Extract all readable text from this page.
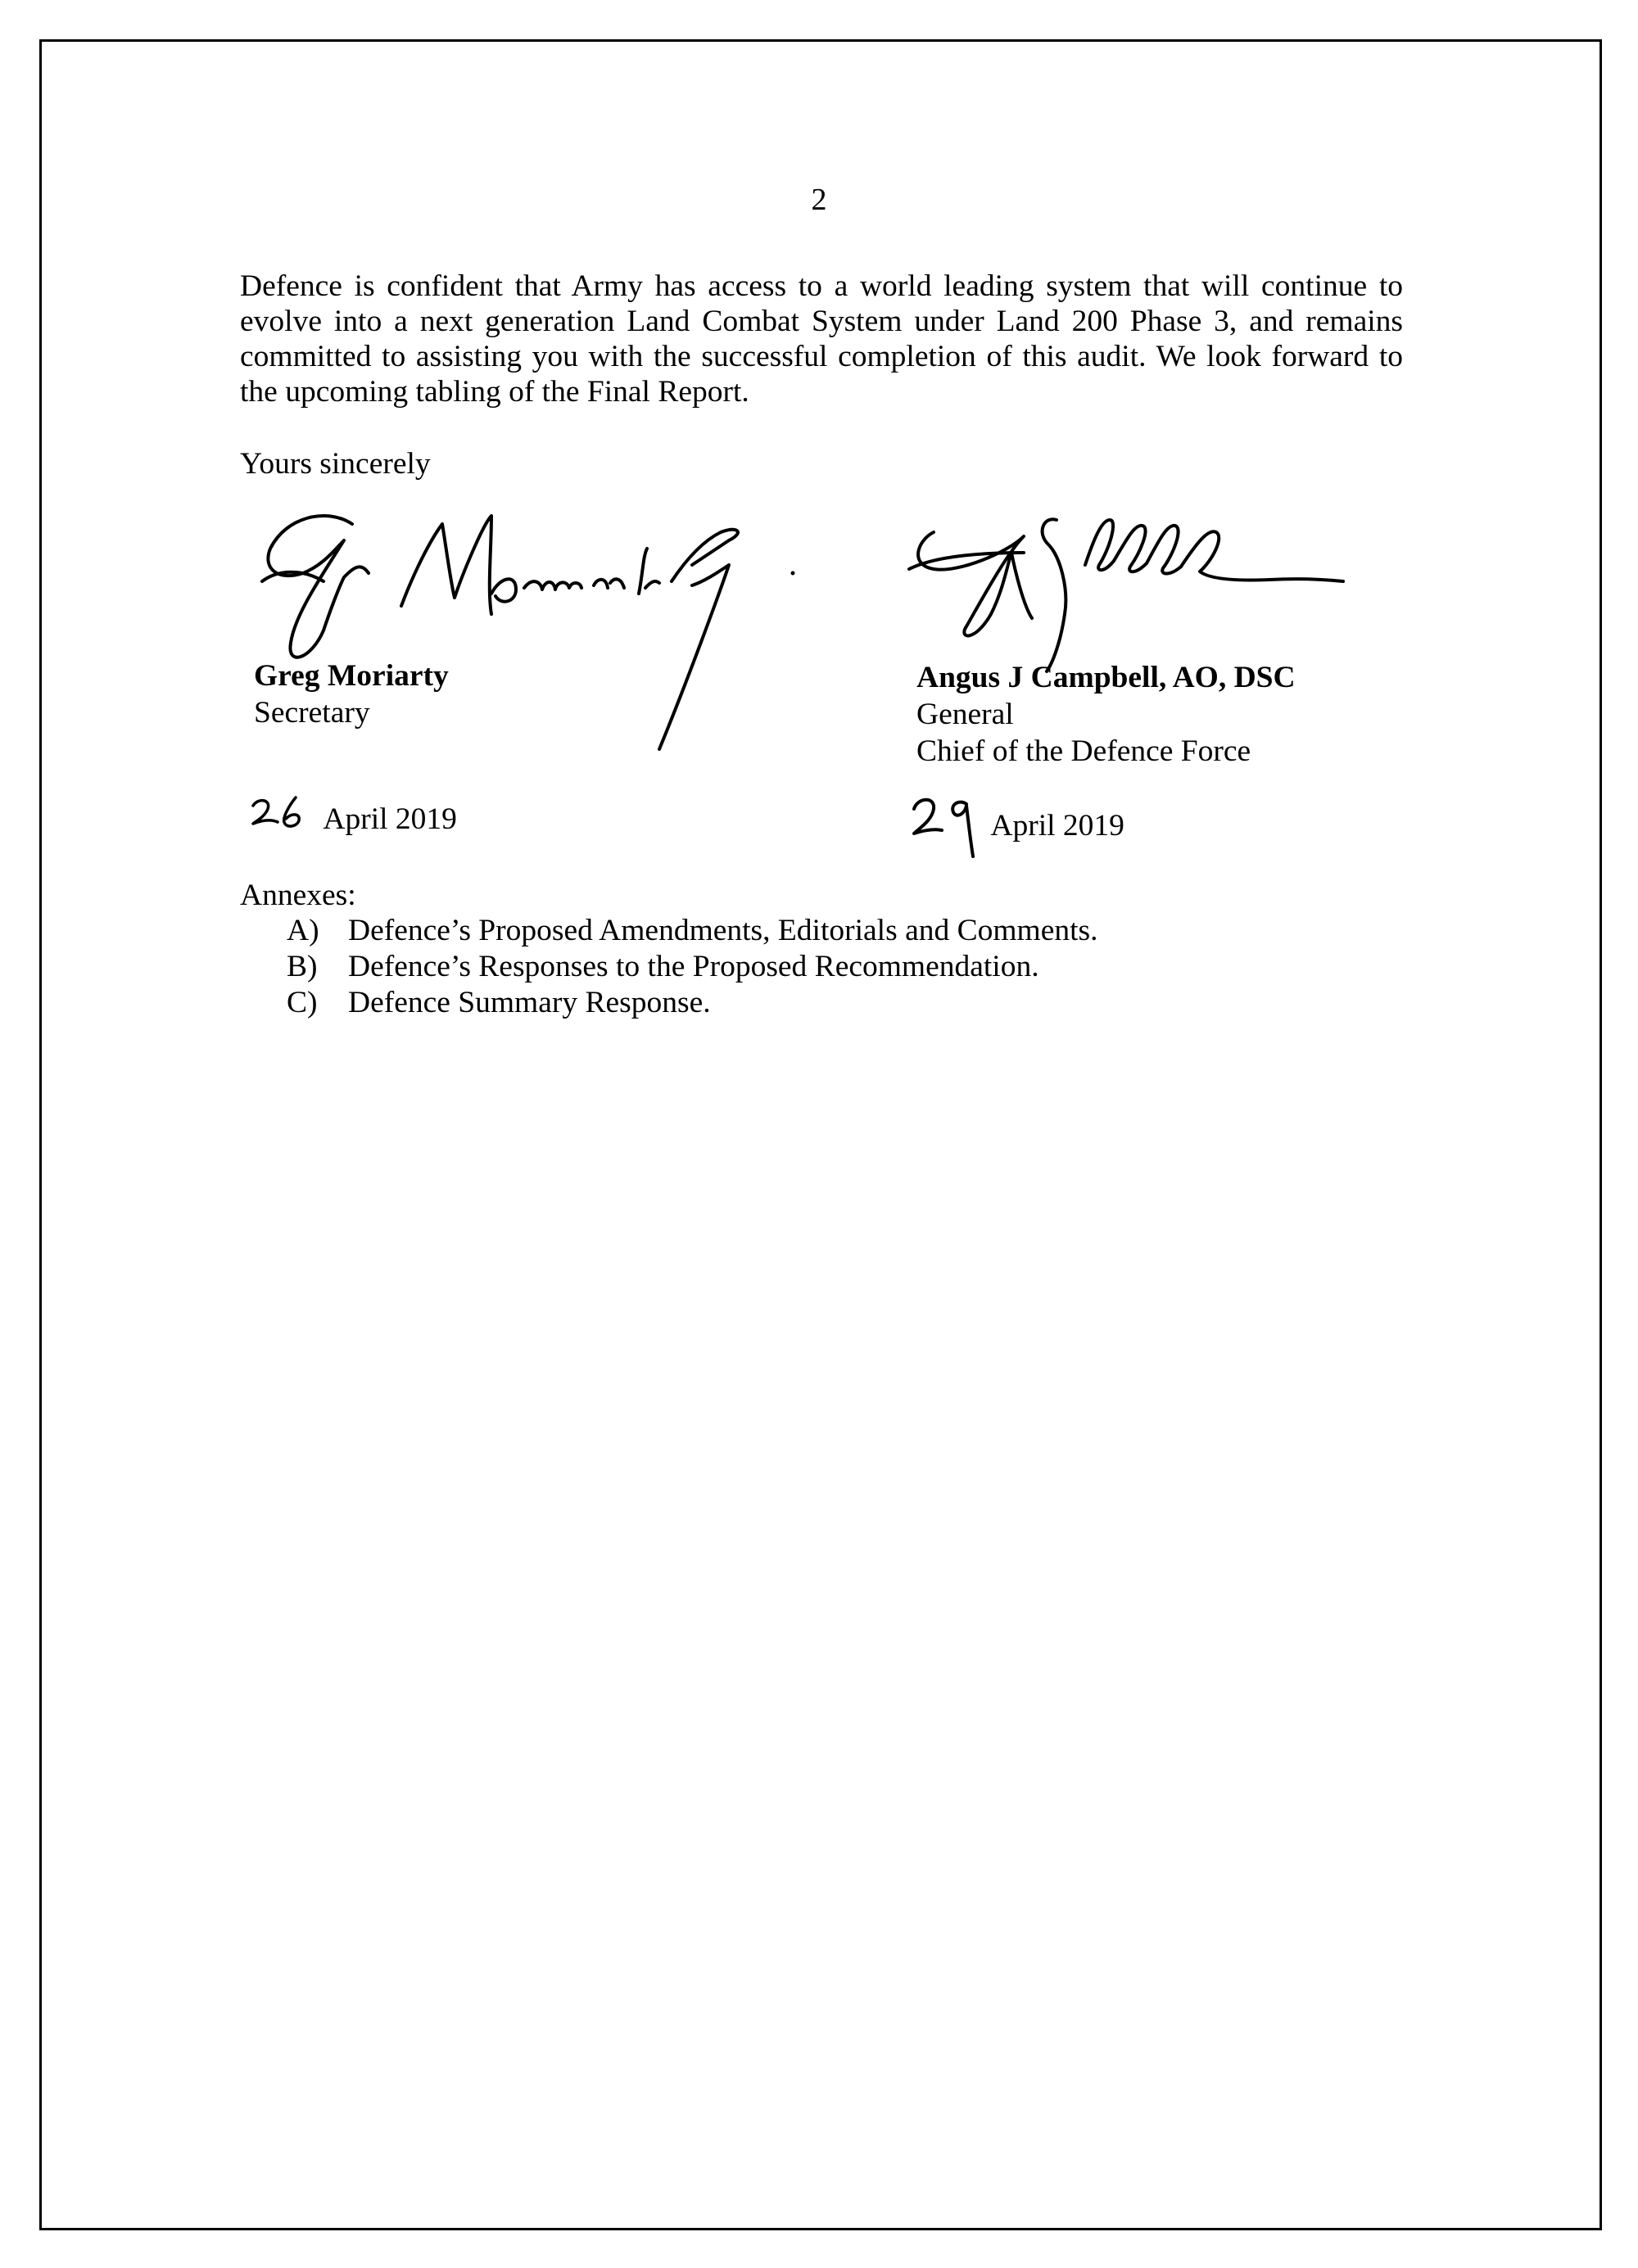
2
Defence is confident that Army has access to a world leading system that will continue to evolve into a next generation Land Combat System under Land 200 Phase 3, and remains committed to assisting you with the successful completion of this audit. We look forward to the upcoming tabling of the Final Report.
Yours sincerely
Greg Moriarty
Secretary
Angus J Campbell, AO, DSC
General
Chief of the Defence Force
April 2019	April 2019
Annexes:
A) Defence’s Proposed Amendments, Editorials and Comments.
B)	Defence’s Responses to the Proposed Recommendation.
C)	Defence Summary Response.
